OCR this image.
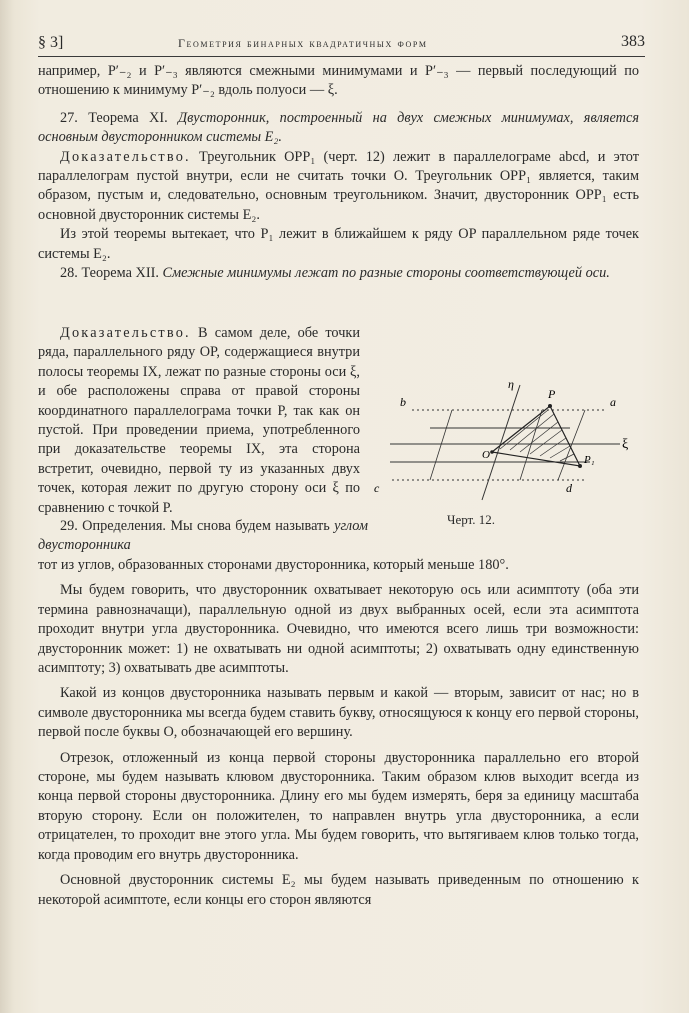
§ 3]	Геометрия бинарных квадратичных форм	383

например, P′₋₂ и P′₋₃ являются смежными минимумами и P′₋₃ — первый последующий по отношению к минимуму P′₋₂ вдоль полуоси — ξ.

27. Теорема XI. Двусторонник, построенный на двух смежных минимумах, является основным двусторонником системы E₂.

Доказательство. Треугольник OPP₁ (черт. 12) лежит в параллелограме abcd, и этот параллелограм пустой внутри, если не считать точки O. Треугольник OPP₁ является, таким образом, пустым и, следовательно, основным треугольником. Значит, двусторонник OPP₁ есть основной двусторонник системы E₂.

Из этой теоремы вытекает, что P₁ лежит в ближайшем к ряду OP параллельном ряде точек системы E₂.

28. Теорема XII. Смежные минимумы лежат по разные стороны соответствующей оси.

Доказательство. В самом деле, обе точки ряда, параллельного ряду OP, содержащиеся внутри полосы теоремы IX, лежат по разные стороны оси ξ, и обе расположены справа от правой стороны координатного параллелограма точки P, так как он пустой. При проведении приема, употребленного при доказательстве теоремы IX, эта сторона встретит, очевидно, первой ту из указанных двух точек, которая лежит по другую сторону оси ξ по сравнению с точкой P.

η
ξ
P
P₁
O
a
b
c	d
Черт. 12.

29. Определения. Мы снова будем называть углом двусторонника

тот из углов, образованных сторонами двусторонника, который меньше 180°.

Мы будем говорить, что двусторонник охватывает некоторую ось или асимптоту (оба эти термина равнозначащи), параллельную одной из двух выбранных осей, если эта асимптота проходит внутри угла двусторонника. Очевидно, что имеются всего лишь три возможности: двусторонник может: 1) не охватывать ни одной асимптоты; 2) охватывать одну единственную асимптоту; 3) охватывать две асимптоты.

Какой из концов двусторонника называть первым и какой — вторым, зависит от нас; но в символе двусторонника мы всегда будем ставить букву, относящуюся к концу его первой стороны, первой после буквы O, обозначающей его вершину.

Отрезок, отложенный из конца первой стороны двусторонника параллельно его второй стороне, мы будем называть клювом двусторонника. Таким образом клюв выходит всегда из конца первой стороны двусторонника. Длину его мы будем измерять, беря за единицу масштаба вторую сторону. Если он положителен, то направлен внутрь угла двусторонника, а если отрицателен, то проходит вне этого угла. Мы будем говорить, что вытягиваем клюв только тогда, когда проводим его внутрь двусторонника.

Основной двусторонник системы E₂ мы будем называть приведенным по отношению к некоторой асимптоте, если концы его сторон являются
